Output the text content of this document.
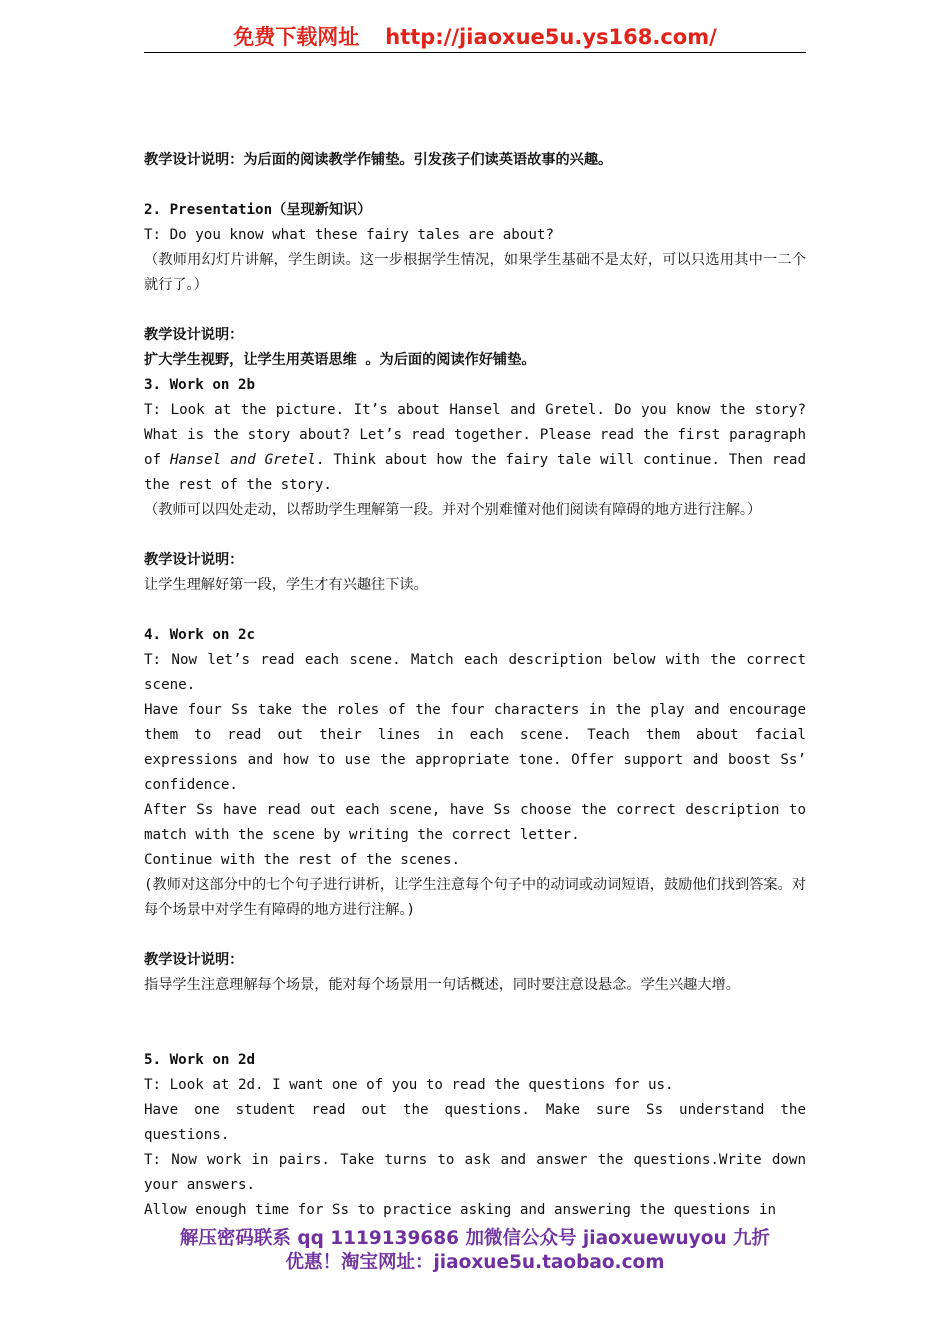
免费下载网址 http://jiaoxue5u.ys168.com/

教学设计说明：为后面的阅读教学作铺垫。引发孩子们读英语故事的兴趣。

2. Presentation（呈现新知识）

T: Do you know what these fairy tales are about?

（教师用幻灯片讲解，学生朗读。这一步根据学生情况，如果学生基础不是太好，可以只选用其中一二个就行了。）

教学设计说明：

扩大学生视野，让学生用英语思维 。为后面的阅读作好铺垫。

3. Work on 2b

T: Look at the picture. It’s about Hansel and Gretel. Do you know the story? What is the story about? Let’s read together. Please read the first paragraph of Hansel and Gretel. Think about how the fairy tale will continue. Then read the rest of the story.

（教师可以四处走动，以帮助学生理解第一段。并对个别难懂对他们阅读有障碍的地方进行注解。）

教学设计说明：

让学生理解好第一段，学生才有兴趣往下读。

4. Work on 2c

T: Now let’s read each scene. Match each description below with the correct scene.

Have four Ss take the roles of the four characters in the play and encourage them to read out their lines in each scene. Teach them about facial expressions and how to use the appropriate tone. Offer support and boost Ss’ confidence.

After Ss have read out each scene, have Ss choose the correct description to match with the scene by writing the correct letter.

Continue with the rest of the scenes.

(教师对这部分中的七个句子进行讲析，让学生注意每个句子中的动词或动词短语，鼓励他们找到答案。对每个场景中对学生有障碍的地方进行注解。)

教学设计说明：

指导学生注意理解每个场景，能对每个场景用一句话概述，同时要注意设悬念。学生兴趣大增。

5. Work on 2d

T: Look at 2d. I want one of you to read the questions for us.

Have one student read out the questions. Make sure Ss understand the questions.

T: Now work in pairs. Take turns to ask and answer the questions.Write down your answers.

Allow enough time for Ss to practice asking and answering the questions in

解压密码联系 qq 1119139686 加微信公众号 jiaoxuewuyou 九折
优惠！淘宝网址：jiaoxue5u.taobao.com
